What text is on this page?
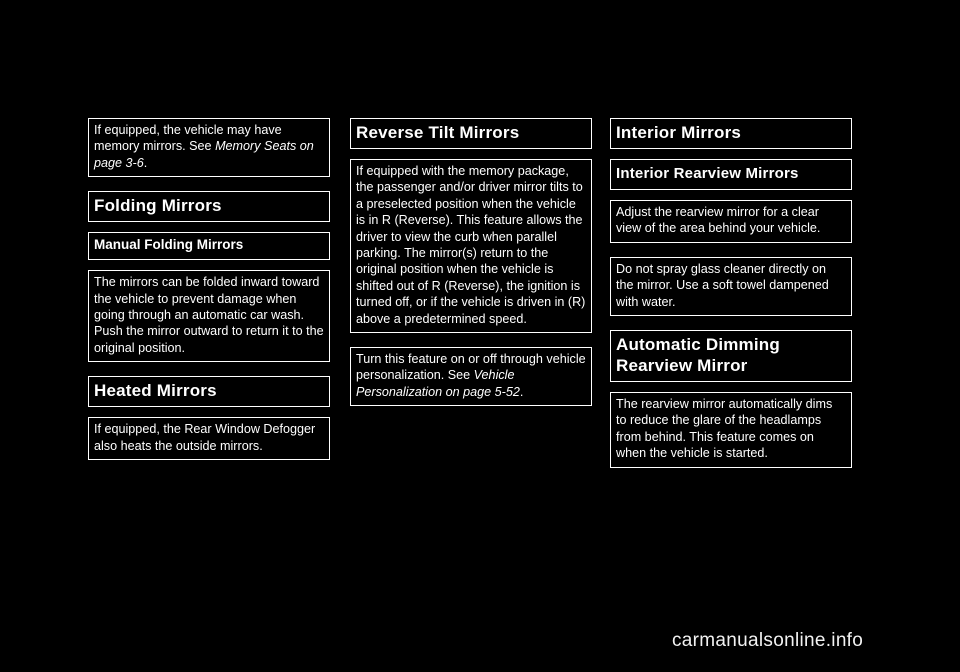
If equipped, the vehicle may have memory mirrors. See Memory Seats on page 3-6.
Folding Mirrors
Manual Folding Mirrors
The mirrors can be folded inward toward the vehicle to prevent damage when going through an automatic car wash. Push the mirror outward to return it to the original position.
Heated Mirrors
If equipped, the Rear Window Defogger also heats the outside mirrors.
Reverse Tilt Mirrors
If equipped with the memory package, the passenger and/or driver mirror tilts to a preselected position when the vehicle is in R (Reverse). This feature allows the driver to view the curb when parallel parking. The mirror(s) return to the original position when the vehicle is shifted out of R (Reverse), the ignition is turned off, or if the vehicle is driven in (R) above a predetermined speed.
Turn this feature on or off through vehicle personalization. See Vehicle Personalization on page 5-52.
Interior Mirrors
Interior Rearview Mirrors
Adjust the rearview mirror for a clear view of the area behind your vehicle.
Do not spray glass cleaner directly on the mirror. Use a soft towel dampened with water.
Automatic Dimming Rearview Mirror
The rearview mirror automatically dims to reduce the glare of the headlamps from behind. This feature comes on when the vehicle is started.
carmanualsonline.info
